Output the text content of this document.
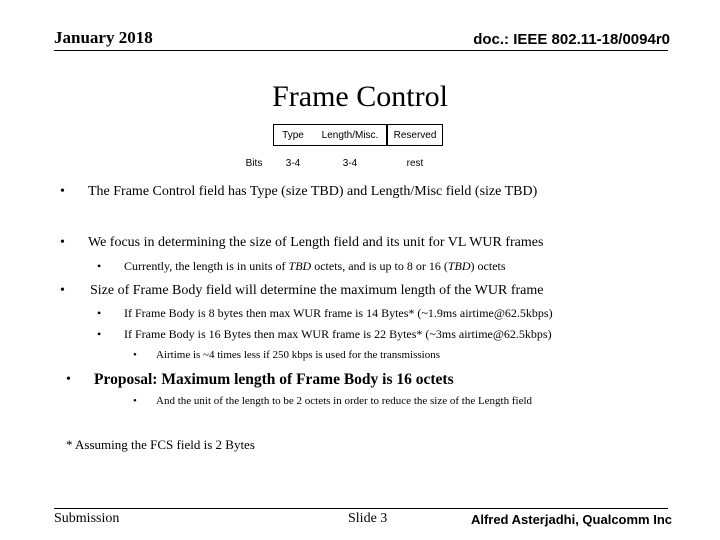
January 2018	doc.: IEEE 802.11-18/0094r0
Frame Control
Type	Length/Misc.	Reserved
Bits	3-4	3-4	rest
• The Frame Control field has Type (size TBD) and Length/Misc field (size TBD)
• We focus in determining the size of Length field and its unit for VL WUR frames
• Currently, the length is in units of TBD octets, and is up to 8 or 16 (TBD) octets
• Size of Frame Body field will determine the maximum length of the WUR frame
• If Frame Body is 8 bytes then max WUR frame is 14 Bytes* (~1.9ms airtime@62.5kbps)
• If Frame Body is 16 Bytes then max WUR frame is 22 Bytes* (~3ms airtime@62.5kbps)
• Airtime is ~4 times less if 250 kbps is used for the transmissions
• Proposal: Maximum length of Frame Body is 16 octets
• And the unit of the length to be 2 octets in order to reduce the size of the Length field
* Assuming the FCS field is 2 Bytes
Submission	Slide 3	Alfred Asterjadhi, Qualcomm Inc
